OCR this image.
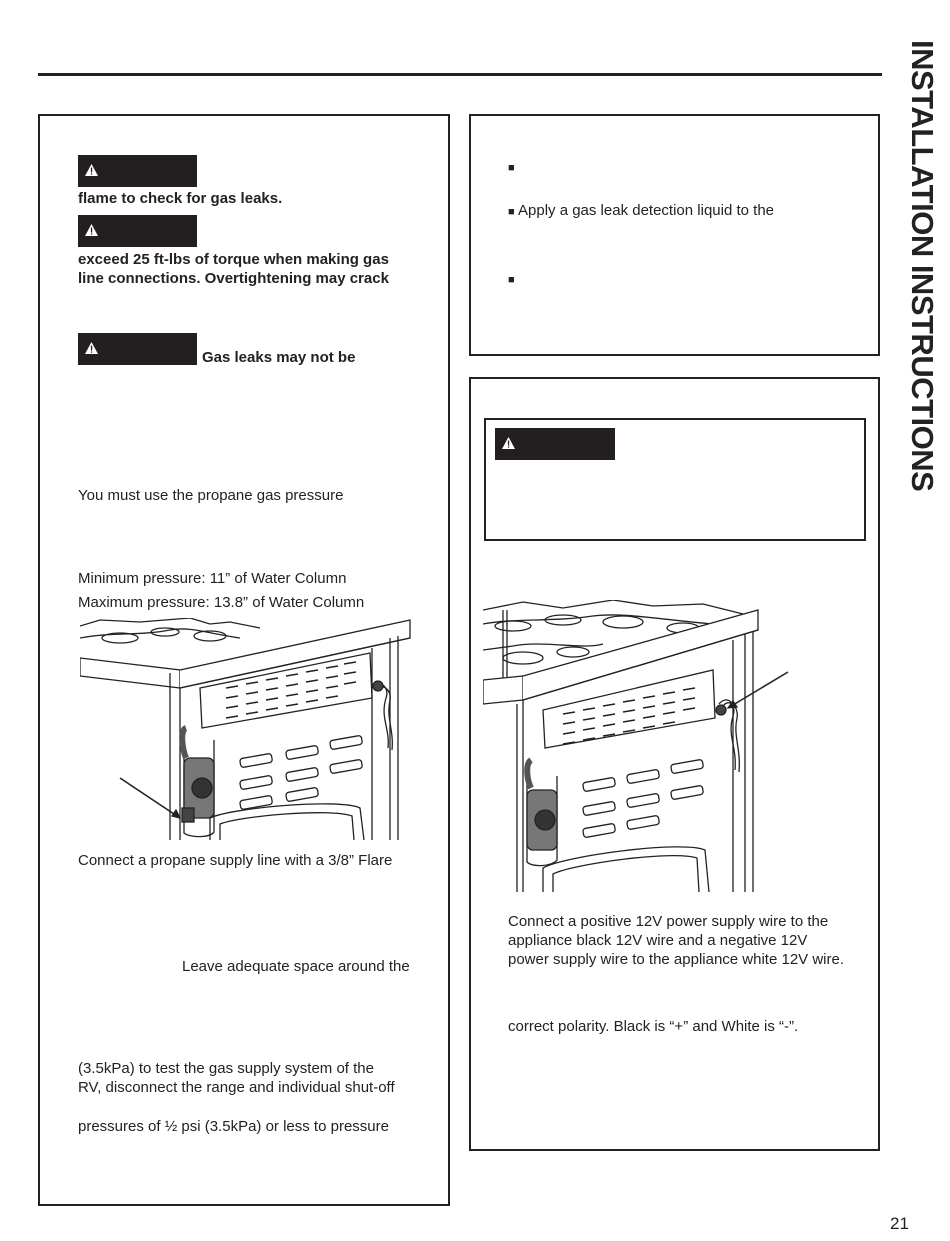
INSTALLATION INSTRUCTIONS
flame to check for gas leaks.
exceed 25 ft-lbs of torque when making gas
line connections. Overtightening may crack
Gas leaks may not be
You must use the propane gas pressure
Minimum pressure: 11” of Water Column
Maximum pressure: 13.8” of Water Column
Connect a propane supply line with a 3/8” Flare
Leave adequate space around the
(3.5kPa) to test the gas supply system of the
RV, disconnect the range and individual shut-off
pressures of ½ psi (3.5kPa) or less to pressure
■
■ Apply a gas leak detection liquid to the
■
Connect a positive 12V power supply wire to the
appliance black 12V wire and a negative 12V
power supply wire to the appliance white 12V wire.
correct polarity. Black is “+” and White is “-”.
21
